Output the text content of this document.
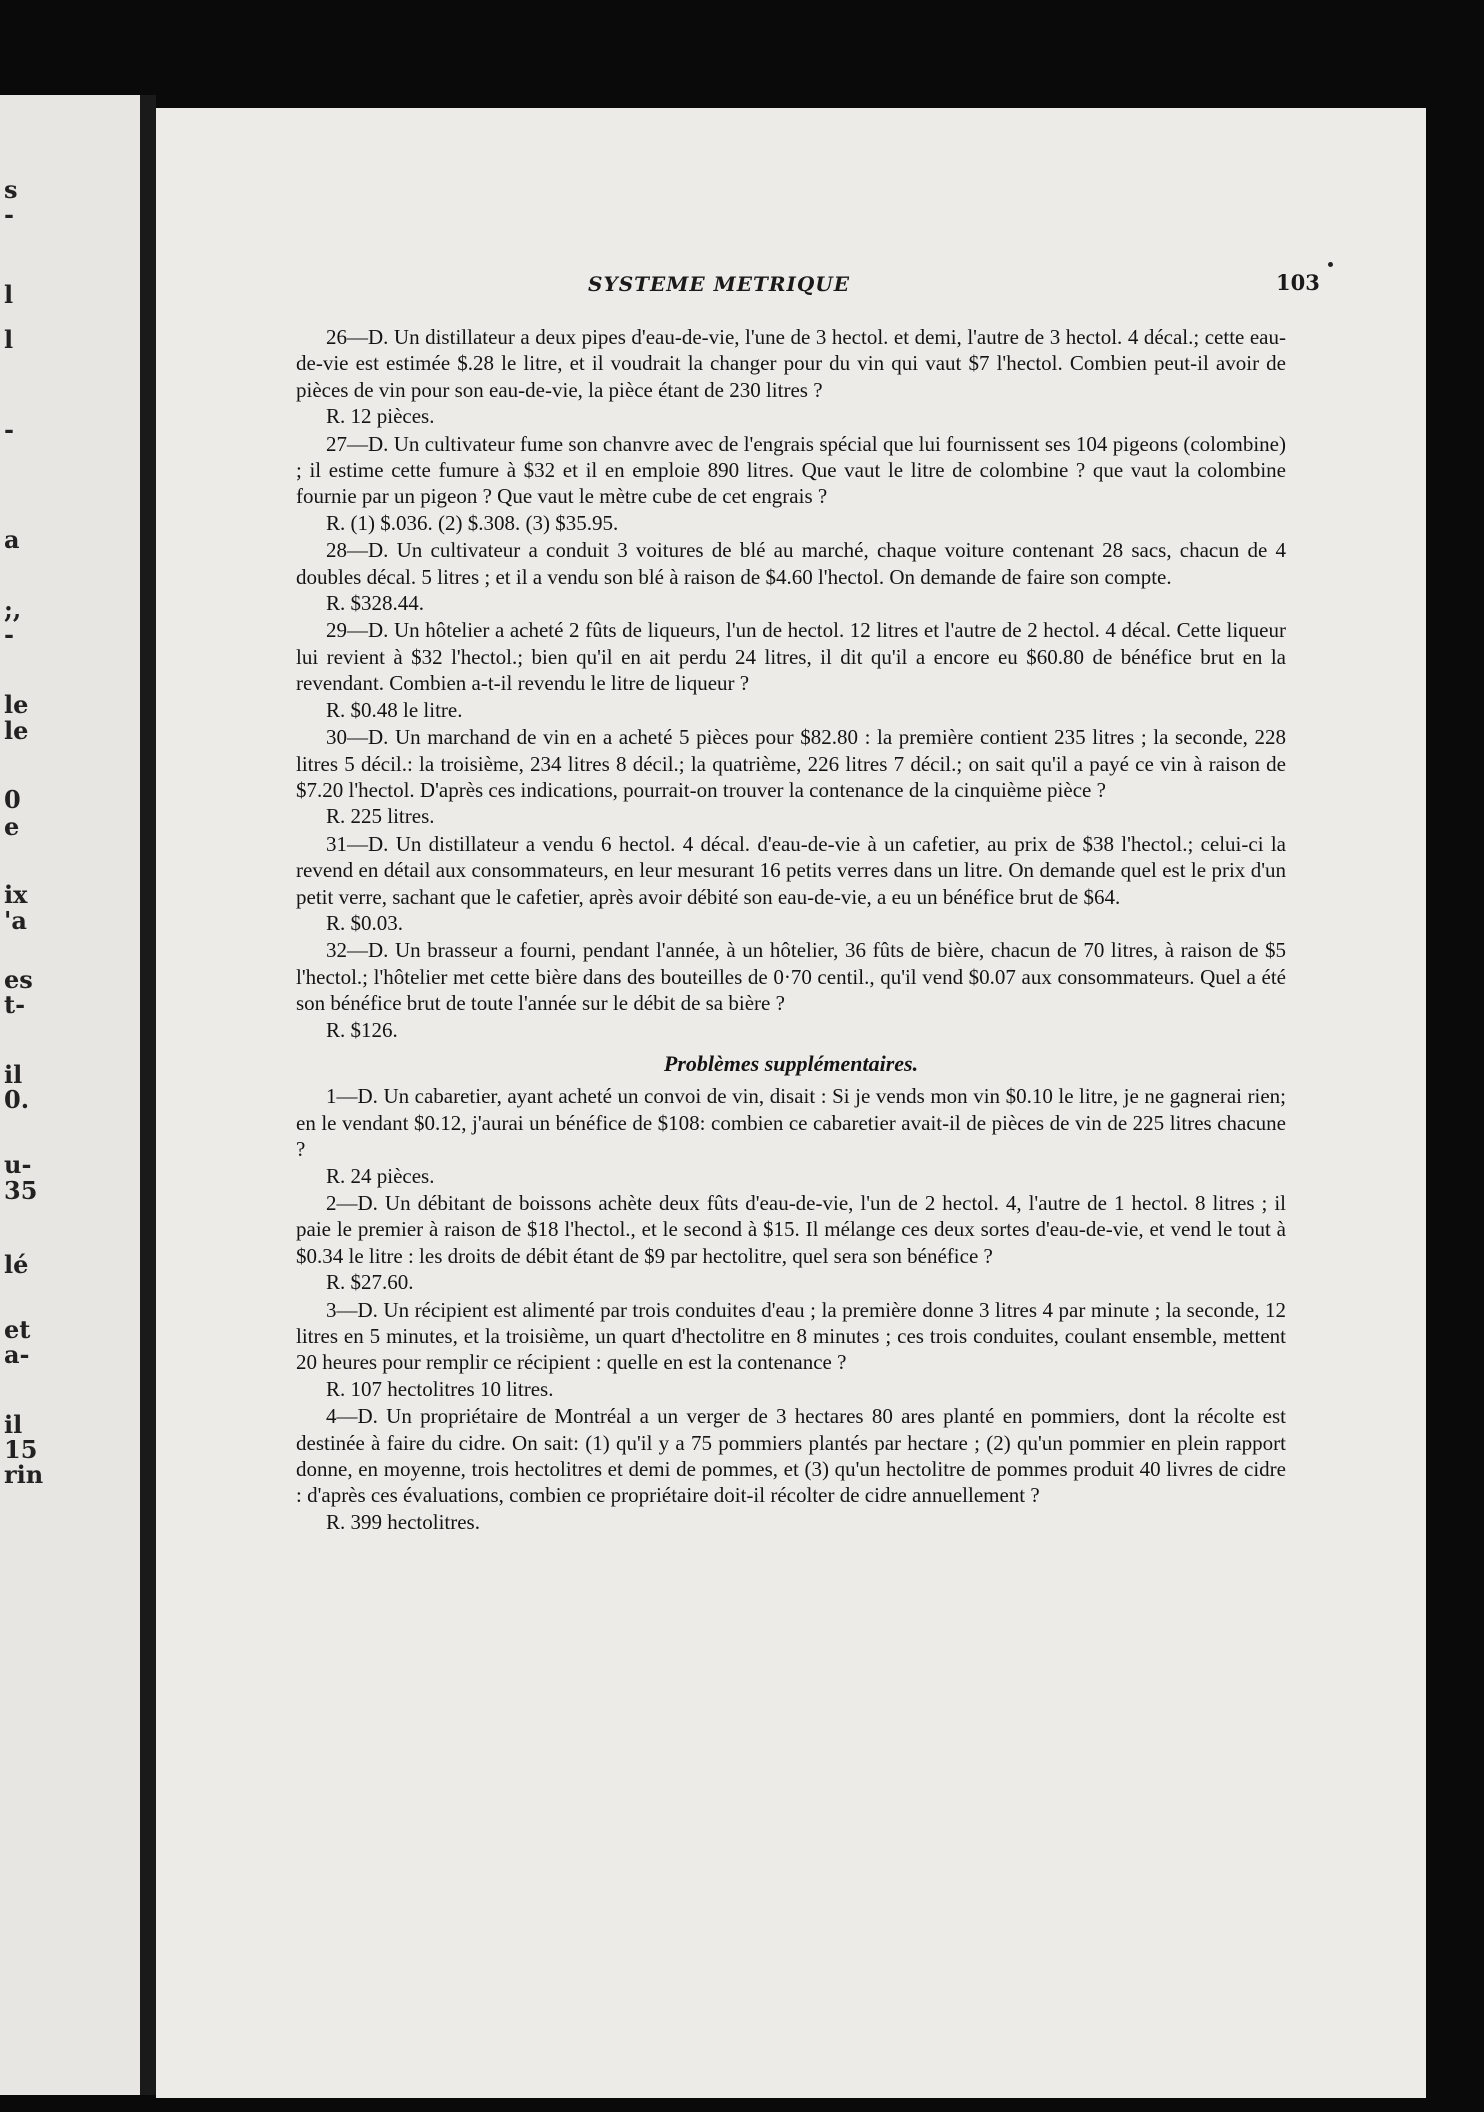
s
-
l
l
-
a
;,
-
le
le
0
e
ix
'a
es
t-
il
0.
u-
35
lé
et
a-
il
15
rin
SYSTEME METRIQUE	103

26—D. Un distillateur a deux pipes d'eau-de-vie, l'une de 3 hectol. et demi, l'autre de 3 hectol. 4 décal.; cette eau-de-vie est estimée $.28 le litre, et il voudrait la changer pour du vin qui vaut $7 l'hectol. Combien peut-il avoir de pièces de vin pour son eau-de-vie, la pièce étant de 230 litres ?

R. 12 pièces.

27—D. Un cultivateur fume son chanvre avec de l'engrais spécial que lui fournissent ses 104 pigeons (colombine) ; il estime cette fumure à $32 et il en emploie 890 litres. Que vaut le litre de colombine ? que vaut la colombine fournie par un pigeon ? Que vaut le mètre cube de cet engrais ?

R. (1) $.036. (2) $.308. (3) $35.95.

28—D. Un cultivateur a conduit 3 voitures de blé au marché, chaque voiture contenant 28 sacs, chacun de 4 doubles décal. 5 litres ; et il a vendu son blé à raison de $4.60 l'hectol. On demande de faire son compte.

R. $328.44.

29—D. Un hôtelier a acheté 2 fûts de liqueurs, l'un de hectol. 12 litres et l'autre de 2 hectol. 4 décal. Cette liqueur lui revient à $32 l'hectol.; bien qu'il en ait perdu 24 litres, il dit qu'il a encore eu $60.80 de bénéfice brut en la revendant. Combien a-t-il revendu le litre de liqueur ?

R. $0.48 le litre.

30—D. Un marchand de vin en a acheté 5 pièces pour $82.80 : la première contient 235 litres ; la seconde, 228 litres 5 décil.: la troisième, 234 litres 8 décil.; la quatrième, 226 litres 7 décil.; on sait qu'il a payé ce vin à raison de $7.20 l'hectol. D'après ces indications, pourrait-on trouver la contenance de la cinquième pièce ?

R. 225 litres.

31—D. Un distillateur a vendu 6 hectol. 4 décal. d'eau-de-vie à un cafetier, au prix de $38 l'hectol.; celui-ci la revend en détail aux consommateurs, en leur mesurant 16 petits verres dans un litre. On demande quel est le prix d'un petit verre, sachant que le cafetier, après avoir débité son eau-de-vie, a eu un bénéfice brut de $64.

R. $0.03.

32—D. Un brasseur a fourni, pendant l'année, à un hôtelier, 36 fûts de bière, chacun de 70 litres, à raison de $5 l'hectol.; l'hôtelier met cette bière dans des bouteilles de 0·70 centil., qu'il vend $0.07 aux consommateurs. Quel a été son bénéfice brut de toute l'année sur le débit de sa bière ?

R. $126.

Problèmes supplémentaires.

1—D. Un cabaretier, ayant acheté un convoi de vin, disait : Si je vends mon vin $0.10 le litre, je ne gagnerai rien; en le vendant $0.12, j'aurai un bénéfice de $108: combien ce cabaretier avait-il de pièces de vin de 225 litres chacune ?

R. 24 pièces.

2—D. Un débitant de boissons achète deux fûts d'eau-de-vie, l'un de 2 hectol. 4, l'autre de 1 hectol. 8 litres ; il paie le premier à raison de $18 l'hectol., et le second à $15. Il mélange ces deux sortes d'eau-de-vie, et vend le tout à $0.34 le litre : les droits de débit étant de $9 par hectolitre, quel sera son bénéfice ?

R. $27.60.

3—D. Un récipient est alimenté par trois conduites d'eau ; la première donne 3 litres 4 par minute ; la seconde, 12 litres en 5 minutes, et la troisième, un quart d'hectolitre en 8 minutes ; ces trois conduites, coulant ensemble, mettent 20 heures pour remplir ce récipient : quelle en est la contenance ?

R. 107 hectolitres 10 litres.

4—D. Un propriétaire de Montréal a un verger de 3 hectares 80 ares planté en pommiers, dont la récolte est destinée à faire du cidre. On sait: (1) qu'il y a 75 pommiers plantés par hectare ; (2) qu'un pommier en plein rapport donne, en moyenne, trois hectolitres et demi de pommes, et (3) qu'un hectolitre de pommes produit 40 livres de cidre : d'après ces évaluations, combien ce propriétaire doit-il récolter de cidre annuellement ?

R. 399 hectolitres.
